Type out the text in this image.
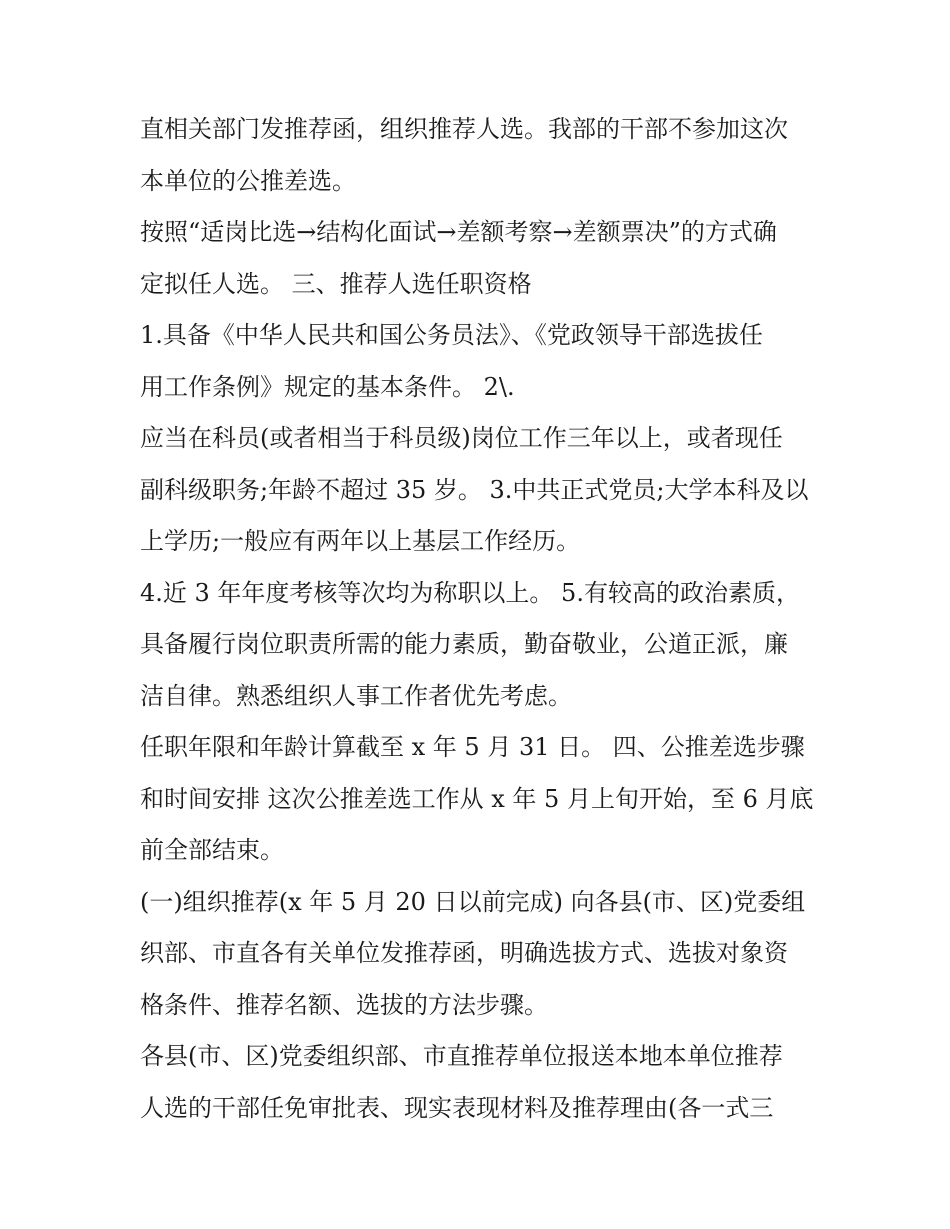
直相关部门发推荐函，组织推荐人选。我部的干部不参加这次
本单位的公推差选。
按照“适岗比选→结构化面试→差额考察→差额票决”的方式确
定拟任人选。 三、推荐人选任职资格
1.具备《中华人民共和国公务员法》、《党政领导干部选拔任
用工作条例》规定的基本条件。 2\.
应当在科员(或者相当于科员级)岗位工作三年以上，或者现任
副科级职务;年龄不超过 35 岁。 3.中共正式党员;大学本科及以
上学历;一般应有两年以上基层工作经历。
4.近 3 年年度考核等次均为称职以上。 5.有较高的政治素质，
具备履行岗位职责所需的能力素质，勤奋敬业，公道正派，廉
洁自律。熟悉组织人事工作者优先考虑。
任职年限和年龄计算截至 x 年 5 月 31 日。 四、公推差选步骤
和时间安排 这次公推差选工作从 x 年 5 月上旬开始，至 6 月底
前全部结束。
(一)组织推荐(x 年 5 月 20 日以前完成) 向各县(市、区)党委组
织部、市直各有关单位发推荐函，明确选拔方式、选拔对象资
格条件、推荐名额、选拔的方法步骤。
各县(市、区)党委组织部、市直推荐单位报送本地本单位推荐
人选的干部任免审批表、现实表现材料及推荐理由(各一式三
